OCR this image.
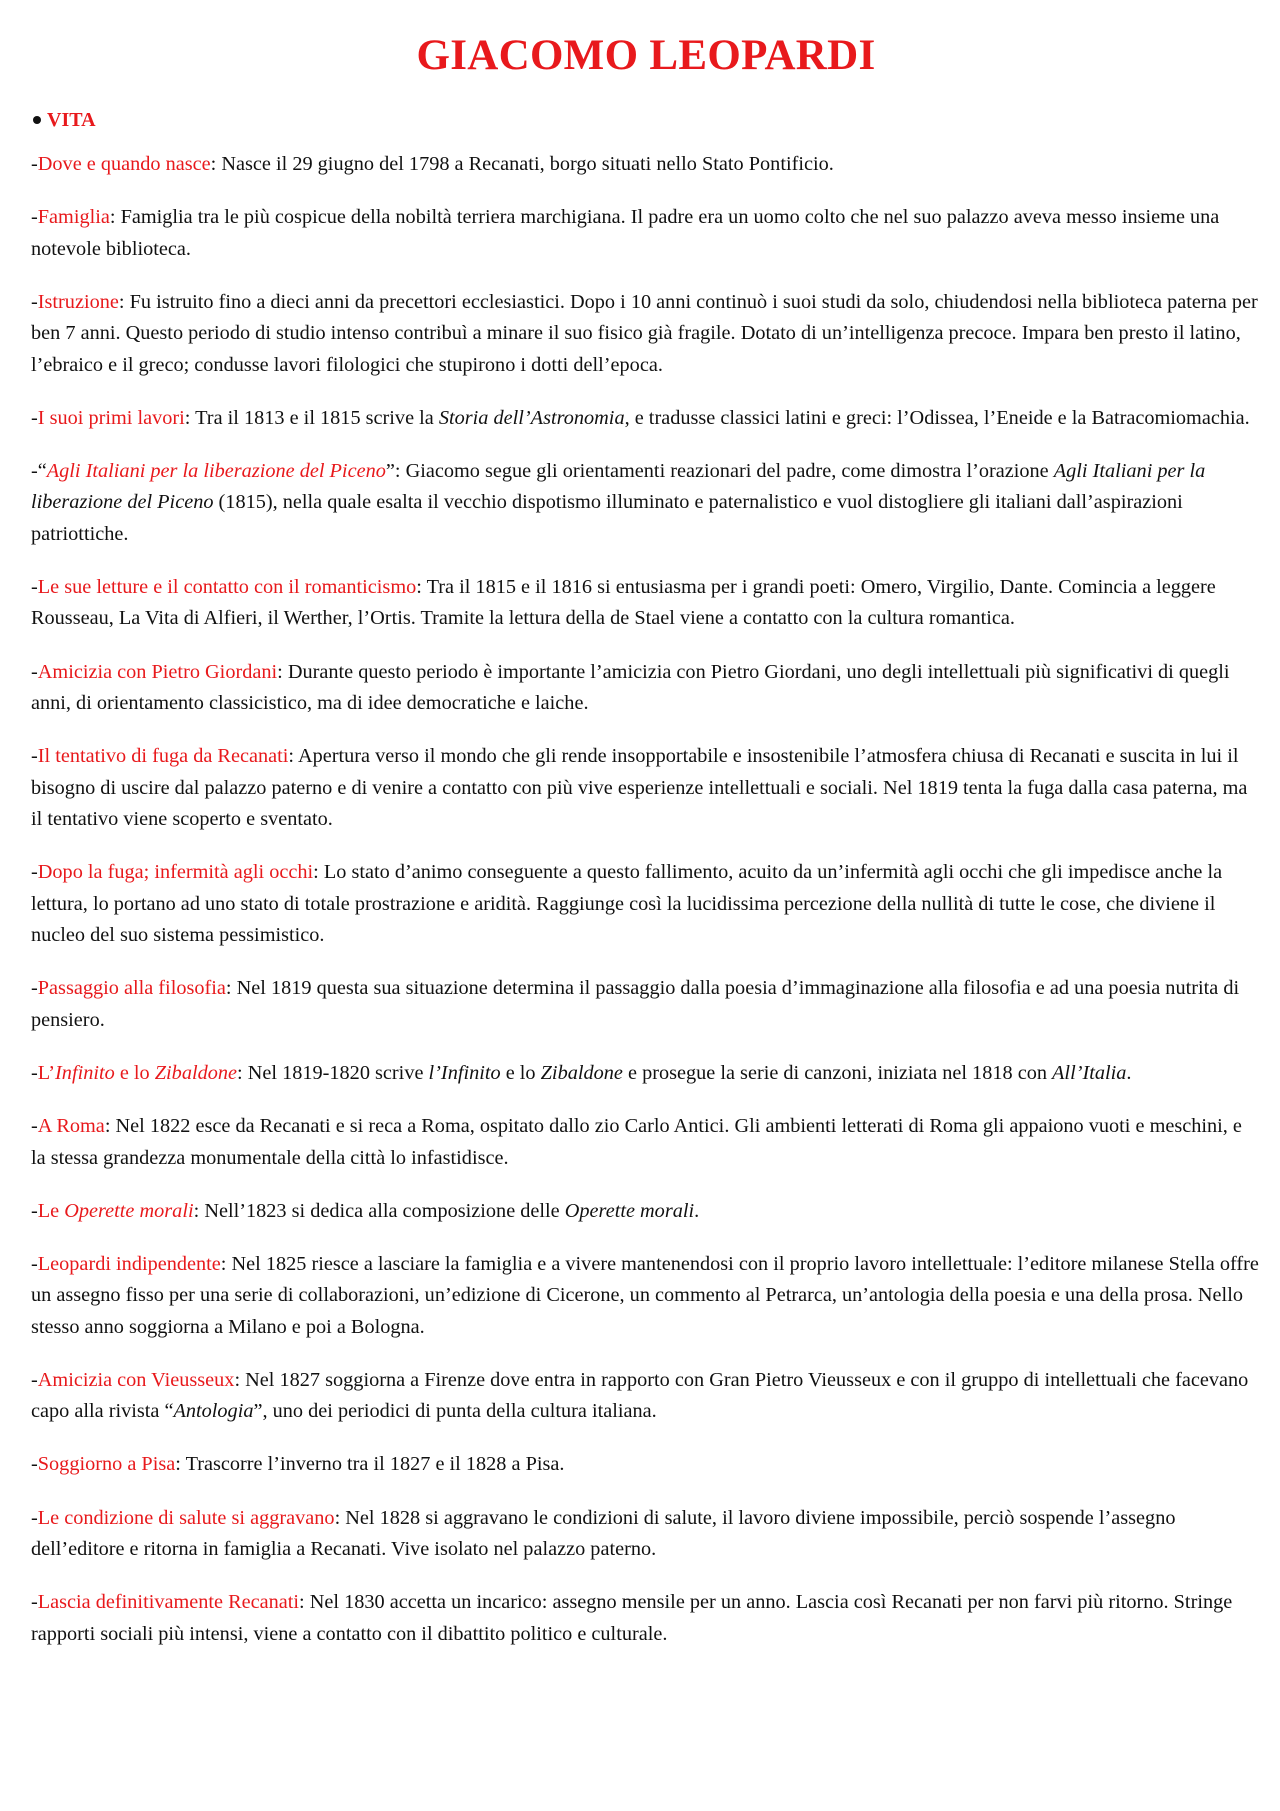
GIACOMO LEOPARDI
VITA

-Dove e quando nasce: Nasce il 29 giugno del 1798 a Recanati, borgo situati nello Stato Pontificio.

-Famiglia: Famiglia tra le più cospicue della nobiltà terriera marchigiana. Il padre era un uomo colto che nel suo palazzo aveva messo insieme una notevole biblioteca.

-Istruzione: Fu istruito fino a dieci anni da precettori ecclesiastici. Dopo i 10 anni continuò i suoi studi da solo, chiudendosi nella biblioteca paterna per ben 7 anni. Questo periodo di studio intenso contribuì a minare il suo fisico già fragile. Dotato di un’intelligenza precoce. Impara ben presto il latino, l’ebraico e il greco; condusse lavori filologici che stupirono i dotti dell’epoca.

-I suoi primi lavori: Tra il 1813 e il 1815 scrive la Storia dell’Astronomia, e tradusse classici latini e greci: l’Odissea, l’Eneide e la Batracomiomachia.

-“Agli Italiani per la liberazione del Piceno”: Giacomo segue gli orientamenti reazionari del padre, come dimostra l’orazione Agli Italiani per la liberazione del Piceno (1815), nella quale esalta il vecchio dispotismo illuminato e paternalistico e vuol distogliere gli italiani dall’aspirazioni patriottiche.

-Le sue letture e il contatto con il romanticismo: Tra il 1815 e il 1816 si entusiasma per i grandi poeti: Omero, Virgilio, Dante. Comincia a leggere Rousseau, La Vita di Alfieri, il Werther, l’Ortis. Tramite la lettura della de Stael viene a contatto con la cultura romantica.

-Amicizia con Pietro Giordani: Durante questo periodo è importante l’amicizia con Pietro Giordani, uno degli intellettuali più significativi di quegli anni, di orientamento classicistico, ma di idee democratiche e laiche.

-Il tentativo di fuga da Recanati: Apertura verso il mondo che gli rende insopportabile e insostenibile l’atmosfera chiusa di Recanati e suscita in lui il bisogno di uscire dal palazzo paterno e di venire a contatto con più vive esperienze intellettuali e sociali. Nel 1819 tenta la fuga dalla casa paterna, ma il tentativo viene scoperto e sventato.

-Dopo la fuga; infermità agli occhi: Lo stato d’animo conseguente a questo fallimento, acuito da un’infermità agli occhi che gli impedisce anche la lettura, lo portano ad uno stato di totale prostrazione e aridità. Raggiunge così la lucidissima percezione della nullità di tutte le cose, che diviene il nucleo del suo sistema pessimistico.

-Passaggio alla filosofia: Nel 1819 questa sua situazione determina il passaggio dalla poesia d’immaginazione alla filosofia e ad una poesia nutrita di pensiero.

-L’Infinito e lo Zibaldone: Nel 1819-1820 scrive l’Infinito e lo Zibaldone e prosegue la serie di canzoni, iniziata nel 1818 con All’Italia.

-A Roma: Nel 1822 esce da Recanati e si reca a Roma, ospitato dallo zio Carlo Antici. Gli ambienti letterati di Roma gli appaiono vuoti e meschini, e la stessa grandezza monumentale della città lo infastidisce.

-Le Operette morali: Nell’1823 si dedica alla composizione delle Operette morali.

-Leopardi indipendente: Nel 1825 riesce a lasciare la famiglia e a vivere mantenendosi con il proprio lavoro intellettuale: l’editore milanese Stella offre un assegno fisso per una serie di collaborazioni, un’edizione di Cicerone, un commento al Petrarca, un’antologia della poesia e una della prosa. Nello stesso anno soggiorna a Milano e poi a Bologna.

-Amicizia con Vieusseux: Nel 1827 soggiorna a Firenze dove entra in rapporto con Gran Pietro Vieusseux e con il gruppo di intellettuali che facevano capo alla rivista “Antologia”, uno dei periodici di punta della cultura italiana.

-Soggiorno a Pisa: Trascorre l’inverno tra il 1827 e il 1828 a Pisa.

-Le condizione di salute si aggravano: Nel 1828 si aggravano le condizioni di salute, il lavoro diviene impossibile, perciò sospende l’assegno dell’editore e ritorna in famiglia a Recanati. Vive isolato nel palazzo paterno.

-Lascia definitivamente Recanati: Nel 1830 accetta un incarico: assegno mensile per un anno. Lascia così Recanati per non farvi più ritorno. Stringe rapporti sociali più intensi, viene a contatto con il dibattito politico e culturale.
